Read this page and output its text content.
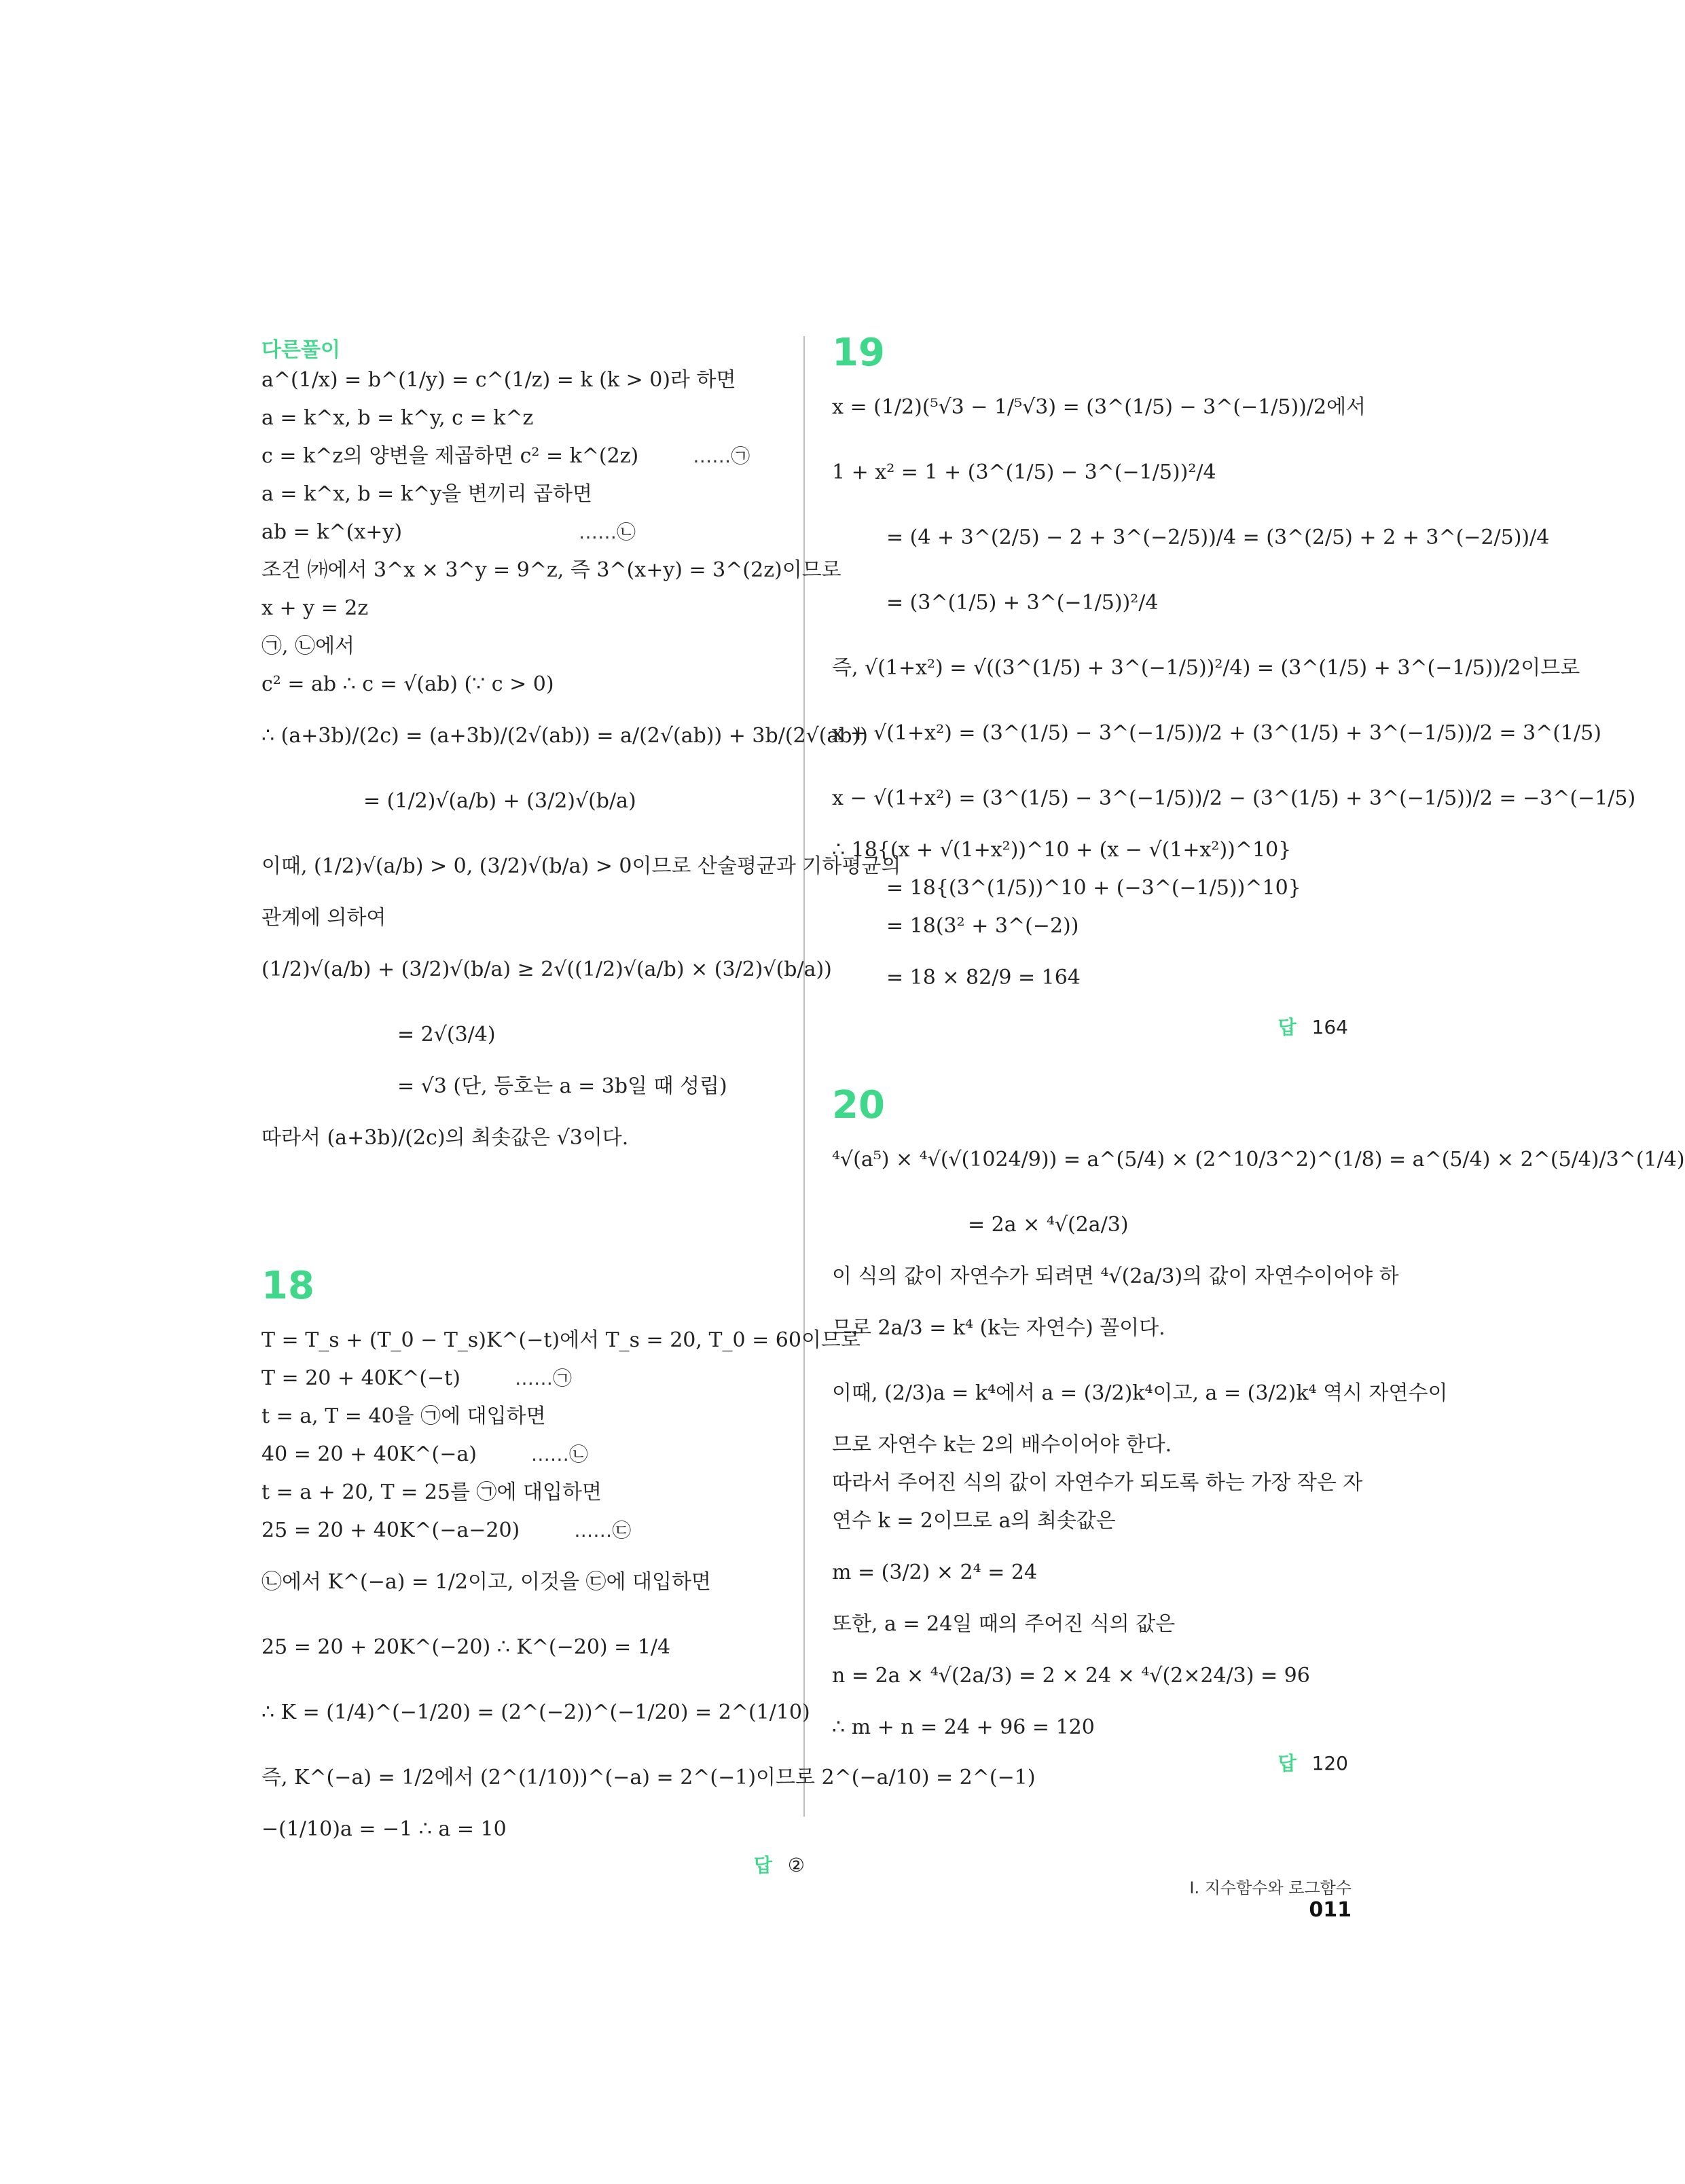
다른풀이
a^(1/x) = b^(1/y) = c^(1/z) = k (k > 0)라 하면
a = k^x, b = k^y, c = k^z
c = k^z의 양변을 제곱하면 c² = k^(2z)	……㉠
a = k^x, b = k^y을 변끼리 곱하면
ab = k^(x+y)	……㉡
조건 ㈎에서 3^x × 3^y = 9^z, 즉 3^(x+y) = 3^(2z)이므로
x + y = 2z
㉠, ㉡에서
c² = ab ∴ c = √(ab) (∵ c > 0)
∴ (a+3b)/(2c) = (a+3b)/(2√(ab)) = a/(2√(ab)) + 3b/(2√(ab))
= (1/2)√(a/b) + (3/2)√(b/a)
이때, (1/2)√(a/b) > 0, (3/2)√(b/a) > 0이므로 산술평균과 기하평균의
관계에 의하여
(1/2)√(a/b) + (3/2)√(b/a) ≥ 2√((1/2)√(a/b) × (3/2)√(b/a))
= 2√(3/4)
= √3 (단, 등호는 a = 3b일 때 성립)
따라서 (a+3b)/(2c)의 최솟값은 √3이다.
18
T = T_s + (T_0 − T_s)K^(−t)에서 T_s = 20, T_0 = 60이므로
T = 20 + 40K^(−t)	……㉠
t = a, T = 40을 ㉠에 대입하면
40 = 20 + 40K^(−a)	……㉡
t = a + 20, T = 25를 ㉠에 대입하면
25 = 20 + 40K^(−a−20)	……㉢
㉡에서 K^(−a) = 1/2이고, 이것을 ㉢에 대입하면
25 = 20 + 20K^(−20) ∴ K^(−20) = 1/4
∴ K = (1/4)^(−1/20) = (2^(−2))^(−1/20) = 2^(1/10)
즉, K^(−a) = 1/2에서 (2^(1/10))^(−a) = 2^(−1)이므로 2^(−a/10) = 2^(−1)
−(1/10)a = −1 ∴ a = 10
답 ②
19
x = (1/2)(⁵√3 − 1/⁵√3) = (3^(1/5) − 3^(−1/5))/2에서
1 + x² = 1 + (3^(1/5) − 3^(−1/5))²/4
= (4 + 3^(2/5) − 2 + 3^(−2/5))/4 = (3^(2/5) + 2 + 3^(−2/5))/4
= (3^(1/5) + 3^(−1/5))²/4
즉, √(1+x²) = √((3^(1/5) + 3^(−1/5))²/4) = (3^(1/5) + 3^(−1/5))/2이므로
x + √(1+x²) = (3^(1/5) − 3^(−1/5))/2 + (3^(1/5) + 3^(−1/5))/2 = 3^(1/5)
x − √(1+x²) = (3^(1/5) − 3^(−1/5))/2 − (3^(1/5) + 3^(−1/5))/2 = −3^(−1/5)
∴ 18{(x + √(1+x²))^10 + (x − √(1+x²))^10}
= 18{(3^(1/5))^10 + (−3^(−1/5))^10}
= 18(3² + 3^(−2))
= 18 × 82/9 = 164
답 164
20
⁴√(a⁵) × ⁴√(√(1024/9)) = a^(5/4) × (2^10/3^2)^(1/8) = a^(5/4) × 2^(5/4)/3^(1/4)
= 2a × ⁴√(2a/3)
이 식의 값이 자연수가 되려면 ⁴√(2a/3)의 값이 자연수이어야 하
므로 2a/3 = k⁴ (k는 자연수) 꼴이다.
이때, (2/3)a = k⁴에서 a = (3/2)k⁴이고, a = (3/2)k⁴ 역시 자연수이
므로 자연수 k는 2의 배수이어야 한다.
따라서 주어진 식의 값이 자연수가 되도록 하는 가장 작은 자
연수 k = 2이므로 a의 최솟값은
m = (3/2) × 2⁴ = 24
또한, a = 24일 때의 주어진 식의 값은
n = 2a × ⁴√(2a/3) = 2 × 24 × ⁴√(2×24/3) = 96
∴ m + n = 24 + 96 = 120
답 120
I. 지수함수와 로그함수 011
